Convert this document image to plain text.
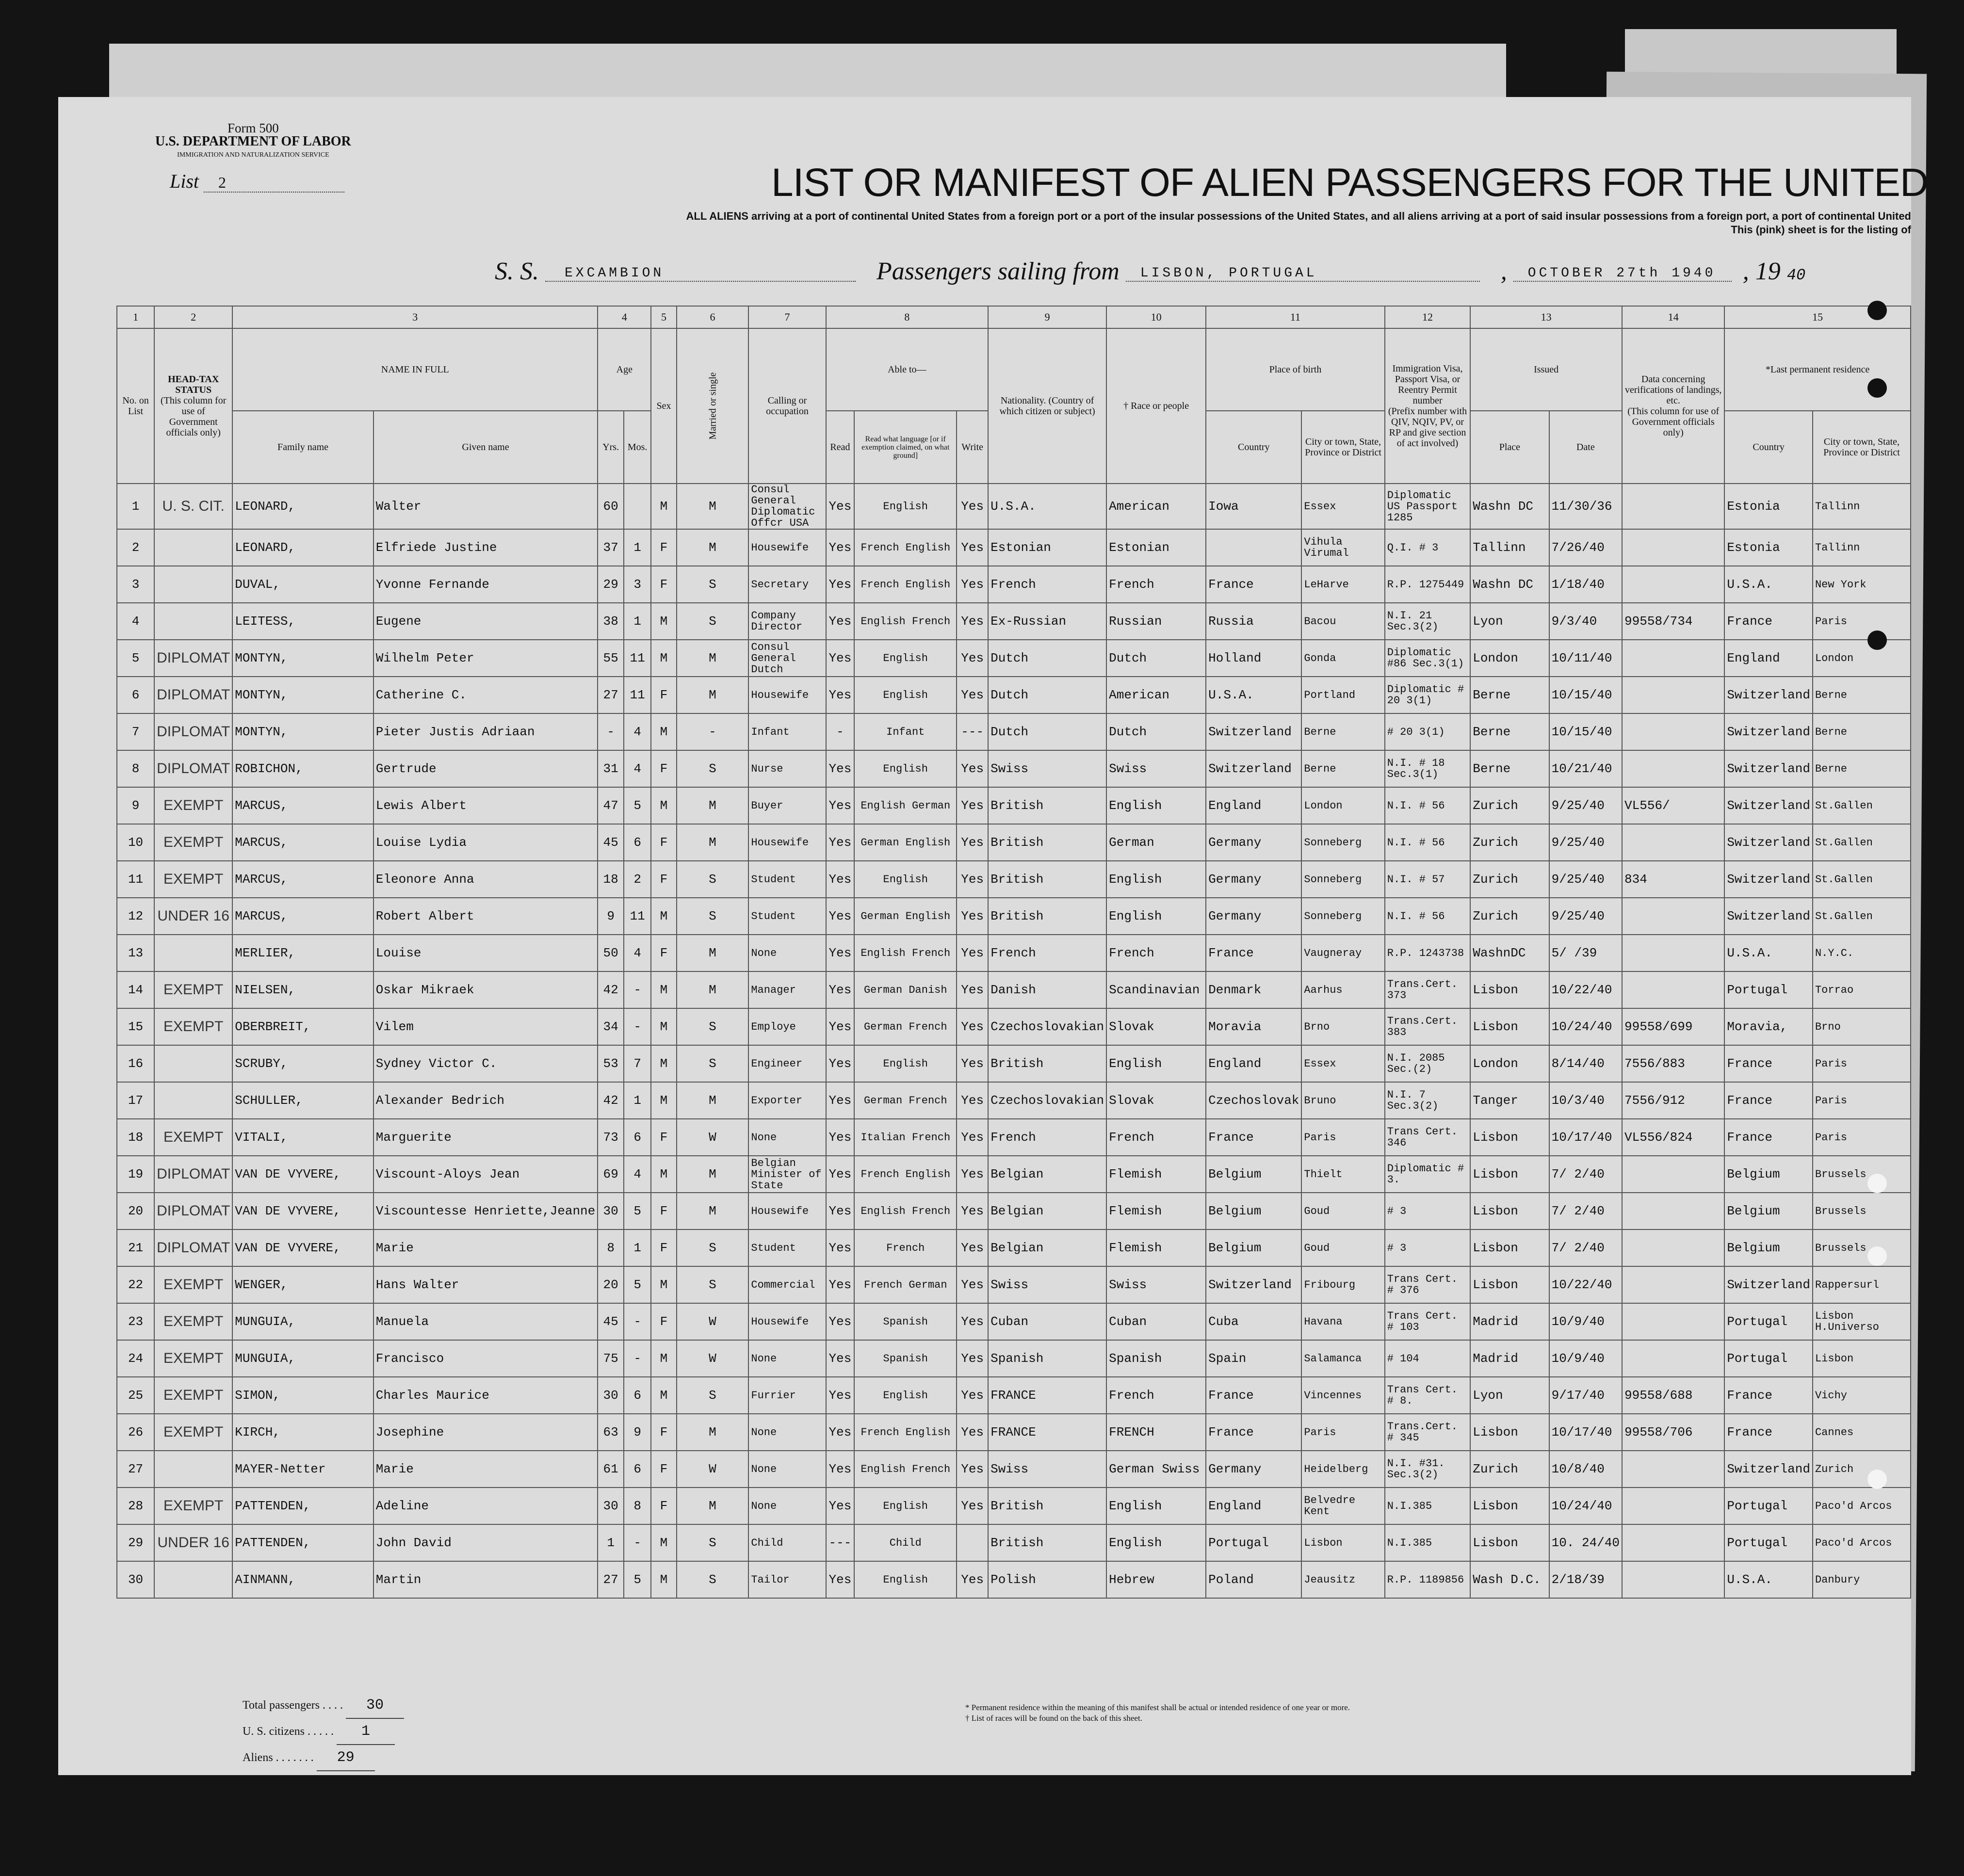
Form 500
U.S. DEPARTMENT OF LABOR
IMMIGRATION AND NATURALIZATION SERVICE
List 2	LIST OR MANIFEST OF ALIEN PASSENGERS FOR THE UNITED
ALL ALIENS arriving at a port of continental United States from a foreign port or a port of the insular possessions of the United States, and all aliens arriving at a port of said insular possessions from a foreign port, a port of continental United
This (pink) sheet is for the listing of
S. S. EXCAMBION	Passengers sailing from LISBON, PORTUGAL	, OCTOBER 27th 1940 , 19 40
1	2	3		4		5	6	7	8			9	10	11		12	13		14	15	
No. on List	HEAD-TAX STATUS
(This column for use of Government officials only)	NAME IN FULL		Age		Sex	Married or single	Calling or occupation	Able to—			Nationality. (Country of which citizen or subject)	† Race or people	Place of birth		Immigration Visa, Passport Visa, or Reentry Permit number
(Prefix number with QIV, NQIV, PV, or RP and give section of act involved)	Issued		Data concerning verifications of landings, etc.
(This column for use of Government officials only)	*Last permanent residence	
		Family name	Given name	Yrs.	Mos.				Read	Read what language [or if exemption claimed, on what ground]	Write			Country	City or town, State, Province or District		Place	Date		Country	City or town, State, Province or District
1	U. S. CIT.	LEONARD,	Walter	60		M	M	Consul General Diplomatic Offcr USA	Yes	English	Yes	U.S.A.	American	Iowa	Essex	Diplomatic US Passport 1285	Washn DC	11/30/36		Estonia	Tallinn
2		LEONARD,	Elfriede Justine	37	1	F	M	Housewife	Yes	French English	Yes	Estonian	Estonian		Vihula Virumal	Q.I. # 3	Tallinn	7/26/40		Estonia	Tallinn
3		DUVAL,	Yvonne Fernande	29	3	F	S	Secretary	Yes	French English	Yes	French	French	France	LeHarve	R.P. 1275449	Washn DC	1/18/40		U.S.A.	New York
4		LEITESS,	Eugene	38	1	M	S	Company Director	Yes	English French	Yes	Ex-Russian	Russian	Russia	Bacou	N.I. 21 Sec.3(2)	Lyon	9/3/40	99558/734	France	Paris
5	DIPLOMAT	MONTYN,	Wilhelm Peter	55	11	M	M	Consul General Dutch	Yes	English	Yes	Dutch	Dutch	Holland	Gonda	Diplomatic #86 Sec.3(1)	London	10/11/40		England	London
6	DIPLOMAT	MONTYN,	Catherine C.	27	11	F	M	Housewife	Yes	English	Yes	Dutch	American	U.S.A.	Portland	Diplomatic # 20 3(1)	Berne	10/15/40		Switzerland	Berne
7	DIPLOMAT	MONTYN,	Pieter Justis Adriaan	-	4	M	-	Infant	-	Infant	---	Dutch	Dutch	Switzerland	Berne	# 20 3(1)	Berne	10/15/40		Switzerland	Berne
8	DIPLOMAT	ROBICHON,	Gertrude	31	4	F	S	Nurse	Yes	English	Yes	Swiss	Swiss	Switzerland	Berne	N.I. # 18 Sec.3(1)	Berne	10/21/40		Switzerland	Berne
9	EXEMPT	MARCUS,	Lewis Albert	47	5	M	M	Buyer	Yes	English German	Yes	British	English	England	London	N.I. # 56	Zurich	9/25/40	VL556/	Switzerland	St.Gallen
10	EXEMPT	MARCUS,	Louise Lydia	45	6	F	M	Housewife	Yes	German English	Yes	British	German	Germany	Sonneberg	N.I. # 56	Zurich	9/25/40		Switzerland	St.Gallen
11	EXEMPT	MARCUS,	Eleonore Anna	18	2	F	S	Student	Yes	English	Yes	British	English	Germany	Sonneberg	N.I. # 57	Zurich	9/25/40	834	Switzerland	St.Gallen
12	UNDER 16	MARCUS,	Robert Albert	9	11	M	S	Student	Yes	German English	Yes	British	English	Germany	Sonneberg	N.I. # 56	Zurich	9/25/40		Switzerland	St.Gallen
13		MERLIER,	Louise	50	4	F	M	None	Yes	English French	Yes	French	French	France	Vaugneray	R.P. 1243738	WashnDC	5/ /39		U.S.A.	N.Y.C.
14	EXEMPT	NIELSEN,	Oskar Mikraek	42	-	M	M	Manager	Yes	German Danish	Yes	Danish	Scandinavian	Denmark	Aarhus	Trans.Cert. 373	Lisbon	10/22/40		Portugal	Torrao
15	EXEMPT	OBERBREIT,	Vilem	34	-	M	S	Employe	Yes	German French	Yes	Czechoslovakian	Slovak	Moravia	Brno	Trans.Cert. 383	Lisbon	10/24/40	99558/699	Moravia,	Brno
16		SCRUBY,	Sydney Victor C.	53	7	M	S	Engineer	Yes	English	Yes	British	English	England	Essex	N.I. 2085 Sec.(2)	London	8/14/40	7556/883	France	Paris
17		SCHULLER,	Alexander Bedrich	42	1	M	M	Exporter	Yes	German French	Yes	Czechoslovakian	Slovak	Czechoslovak	Bruno	N.I. 7 Sec.3(2)	Tanger	10/3/40	7556/912	France	Paris
18	EXEMPT	VITALI,	Marguerite	73	6	F	W	None	Yes	Italian French	Yes	French	French	France	Paris	Trans Cert. 346	Lisbon	10/17/40	VL556/824	France	Paris
19	DIPLOMAT	VAN DE VYVERE,	Viscount-Aloys Jean	69	4	M	M	Belgian Minister of State	Yes	French English	Yes	Belgian	Flemish	Belgium	Thielt	Diplomatic # 3.	Lisbon	7/ 2/40		Belgium	Brussels
20	DIPLOMAT	VAN DE VYVERE,	Viscountesse Henriette,Jeanne	30	5	F	M	Housewife	Yes	English French	Yes	Belgian	Flemish	Belgium	Goud	# 3	Lisbon	7/ 2/40		Belgium	Brussels
21	DIPLOMAT	VAN DE VYVERE,	Marie	8	1	F	S	Student	Yes	French	Yes	Belgian	Flemish	Belgium	Goud	# 3	Lisbon	7/ 2/40		Belgium	Brussels
22	EXEMPT	WENGER,	Hans Walter	20	5	M	S	Commercial	Yes	French German	Yes	Swiss	Swiss	Switzerland	Fribourg	Trans Cert. # 376	Lisbon	10/22/40		Switzerland	Rappersurl
23	EXEMPT	MUNGUIA,	Manuela	45	-	F	W	Housewife	Yes	Spanish	Yes	Cuban	Cuban	Cuba	Havana	Trans Cert. # 103	Madrid	10/9/40		Portugal	Lisbon H.Universo
24	EXEMPT	MUNGUIA,	Francisco	75	-	M	W	None	Yes	Spanish	Yes	Spanish	Spanish	Spain	Salamanca	# 104	Madrid	10/9/40		Portugal	Lisbon
25	EXEMPT	SIMON,	Charles Maurice	30	6	M	S	Furrier	Yes	English	Yes	FRANCE	French	France	Vincennes	Trans Cert. # 8.	Lyon	9/17/40	99558/688	France	Vichy
26	EXEMPT	KIRCH,	Josephine	63	9	F	M	None	Yes	French English	Yes	FRANCE	FRENCH	France	Paris	Trans.Cert. # 345	Lisbon	10/17/40	99558/706	France	Cannes
27		MAYER-Netter	Marie	61	6	F	W	None	Yes	English French	Yes	Swiss	German Swiss	Germany	Heidelberg	N.I. #31. Sec.3(2)	Zurich	10/8/40		Switzerland	Zurich
28	EXEMPT	PATTENDEN,	Adeline	30	8	F	M	None	Yes	English	Yes	British	English	England	Belvedre Kent	N.I.385	Lisbon	10/24/40		Portugal	Paco'd Arcos
29	UNDER 16	PATTENDEN,	John David	1	-	M	S	Child	---	Child		British	English	Portugal	Lisbon	N.I.385	Lisbon	10. 24/40		Portugal	Paco'd Arcos
30		AINMANN,	Martin	27	5	M	S	Tailor	Yes	English	Yes	Polish	Hebrew	Poland	Jeausitz	R.P. 1189856	Wash D.C.	2/18/39		U.S.A.	Danbury
Total passengers . . . . 30
U. S. citizens . . . . . 1
Aliens . . . . . . . 29
* Permanent residence within the meaning of this manifest shall be actual or intended residence of one year or more.
† List of races will be found on the back of this sheet.
